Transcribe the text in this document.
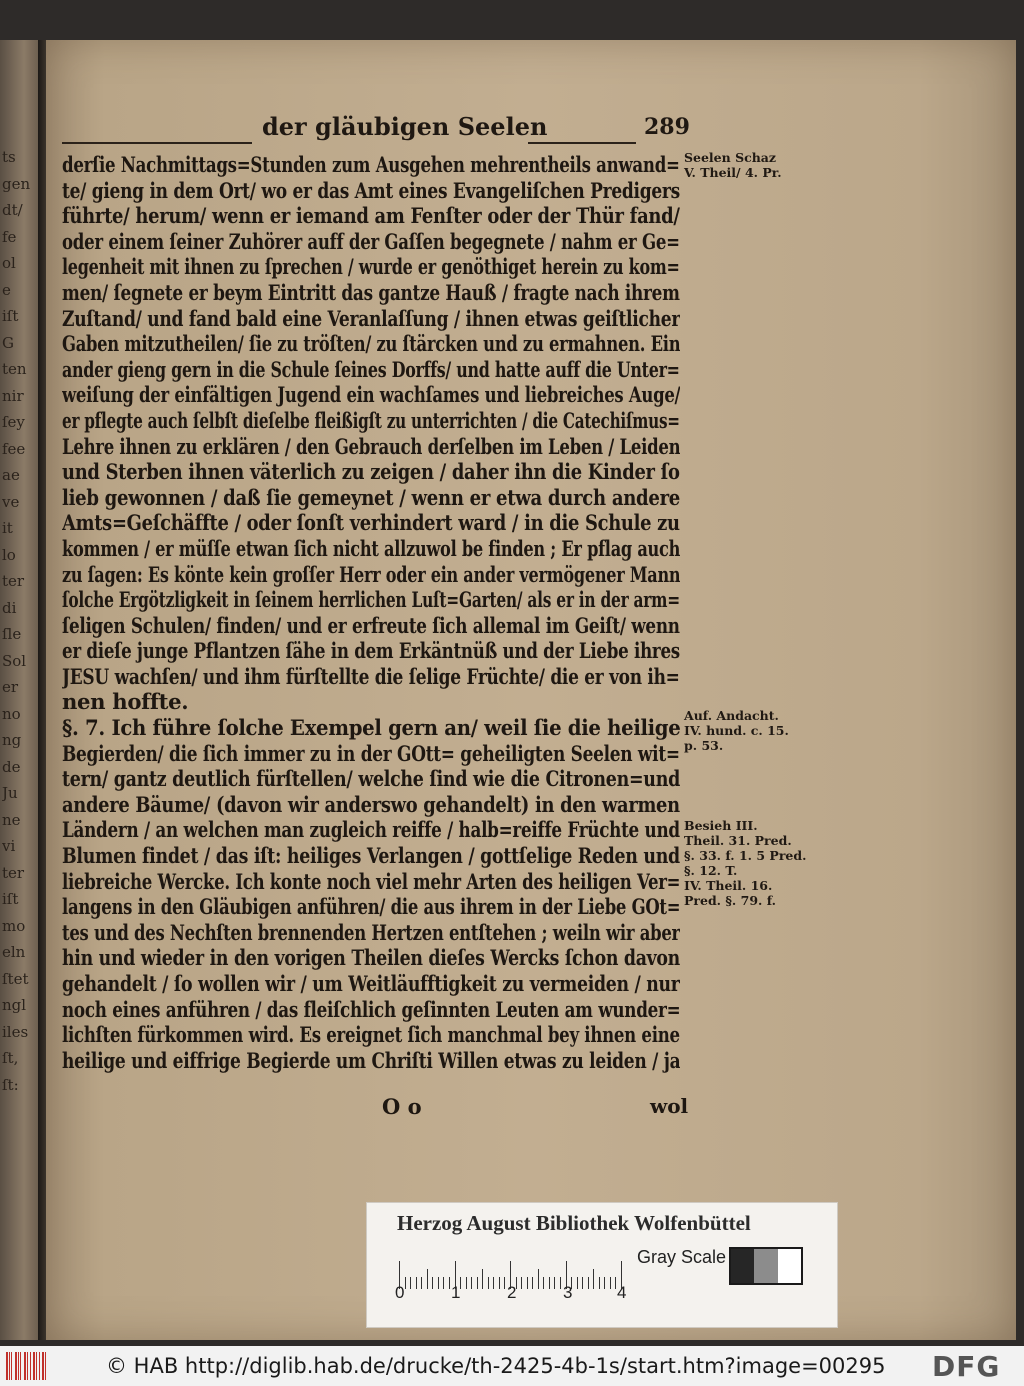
ts
gen
dt/
fe
ol
e
iſt
G
ten
nir
ſey
fee
ae
ve
it
lo
ter
di
ſle
Sol
er
no
ng
de
Ju
ne
vi
ter
iſt
mo
eln
ſtet
ngl
iles
ſt,
ſt:
der gläubigen Seelen	289
derſie Nachmittags=Stunden zum Ausgehen mehrentheils anwand=
te/ gieng in dem Ort/ wo er das Amt eines Evangeliſchen Predigers
führte/ herum/ wenn er iemand am Fenſter oder der Thür fand/
oder einem ſeiner Zuhörer auff der Gaſſen begegnete / nahm er Ge=
legenheit mit ihnen zu ſprechen / wurde er genöthiget herein zu kom=
men/ ſegnete er beym Eintritt das gantze Hauß / fragte nach ihrem
Zuſtand/ und fand bald eine Veranlaſſung / ihnen etwas geiſtlicher
Gaben mitzutheilen/ ſie zu tröſten/ zu ſtärcken und zu ermahnen. Ein
ander gieng gern in die Schule ſeines Dorffs/ und hatte auff die Unter=
weiſung der einfältigen Jugend ein wachſames und liebreiches Auge/
er pflegte auch ſelbſt dieſelbe fleißigſt zu unterrichten / die Catechiſmus=
Lehre ihnen zu erklären / den Gebrauch derſelben im Leben / Leiden
und Sterben ihnen väterlich zu zeigen / daher ihn die Kinder ſo
lieb gewonnen / daß ſie gemeynet / wenn er etwa durch andere
Amts=Geſchäffte / oder ſonſt verhindert ward / in die Schule zu
kommen / er müſſe etwan ſich nicht allzuwol be finden ; Er pflag auch
zu ſagen: Es könte kein groſſer Herr oder ein ander vermögener Mann
ſolche Ergötzligkeit in ſeinem herrlichen Luſt=Garten/ als er in der arm=
ſeligen Schulen/ finden/ und er erfreute ſich allemal im Geiſt/ wenn
er dieſe junge Pflantzen ſähe in dem Erkäntnüß und der Liebe ihres
JESU wachſen/ und ihm fürſtellte die ſelige Früchte/ die er von ih=
nen hoffte.
§. 7. Ich führe ſolche Exempel gern an/ weil ſie die heilige
Begierden/ die ſich immer zu in der GOtt= geheiligten Seelen wit=
tern/ gantz deutlich fürſtellen/ welche ſind wie die Citronen=und
andere Bäume/ (davon wir anderswo gehandelt) in den warmen
Ländern / an welchen man zugleich reiffe / halb=reiffe Früchte und
Blumen findet / das iſt: heiliges Verlangen / gottſelige Reden und
liebreiche Wercke. Ich konte noch viel mehr Arten des heiligen Ver=
langens in den Gläubigen anführen/ die aus ihrem in der Liebe GOt=
tes und des Nechſten brennenden Hertzen entſtehen ; weiln wir aber
hin und wieder in den vorigen Theilen dieſes Wercks ſchon davon
gehandelt / ſo wollen wir / um Weitläufftigkeit zu vermeiden / nur
noch eines anführen / das fleiſchlich geſinnten Leuten am wunder=
lichſten fürkommen wird. Es ereignet ſich manchmal bey ihnen eine
heilige und eiffrige Begierde um Chriſti Willen etwas zu leiden / ja
Seelen Schaz
V. Theil/ 4. Pr.
Auf. Andacht.
IV. hund. c. 15.
p. 53.
Besieh III.
Theil. 31. Pred.
§. 33. f. 1. 5 Pred.
§. 12. T.
IV. Theil. 16.
Pred. §. 79. f.
O o	wol
Herzog August Bibliothek Wolfenbüttel
0	1	2	3	4
Gray Scale
© HAB http://diglib.hab.de/drucke/th-2425-4b-1s/start.htm?image=00295 DFG
